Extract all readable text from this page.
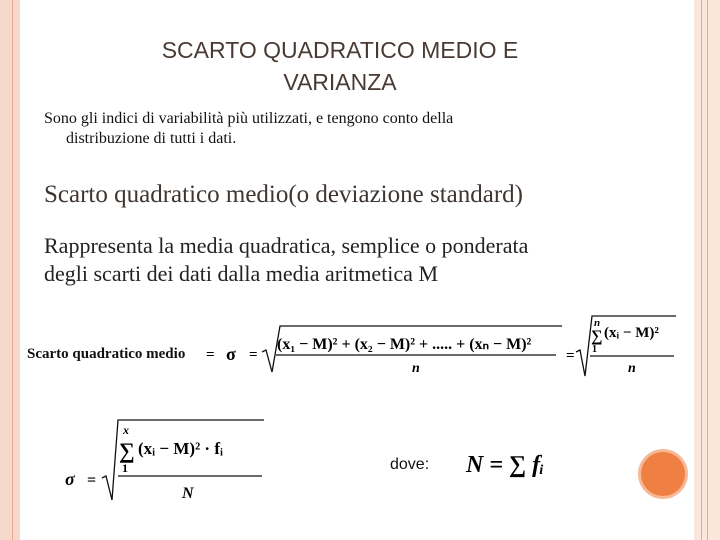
SCARTO QUADRATICO MEDIO E
VARIANZA
Sono gli indici di variabilità più utilizzati, e tengono conto della
distribuzione di tutti i dati.
Scarto quadratico medio(o deviazione standard)
Rappresenta la media quadratica, semplice o ponderata
degli scarti dei dati dalla media aritmetica M
Scarto quadratico medio = σ =
(x₁ − M)² + (x₂ − M)² + ..... + (xₙ − M)²
n
=
n
∑
1
(xᵢ − M)²
n
σ =
x
∑
1
(xᵢ − M)² · fᵢ
N
dove: N = ∑ fᵢ
